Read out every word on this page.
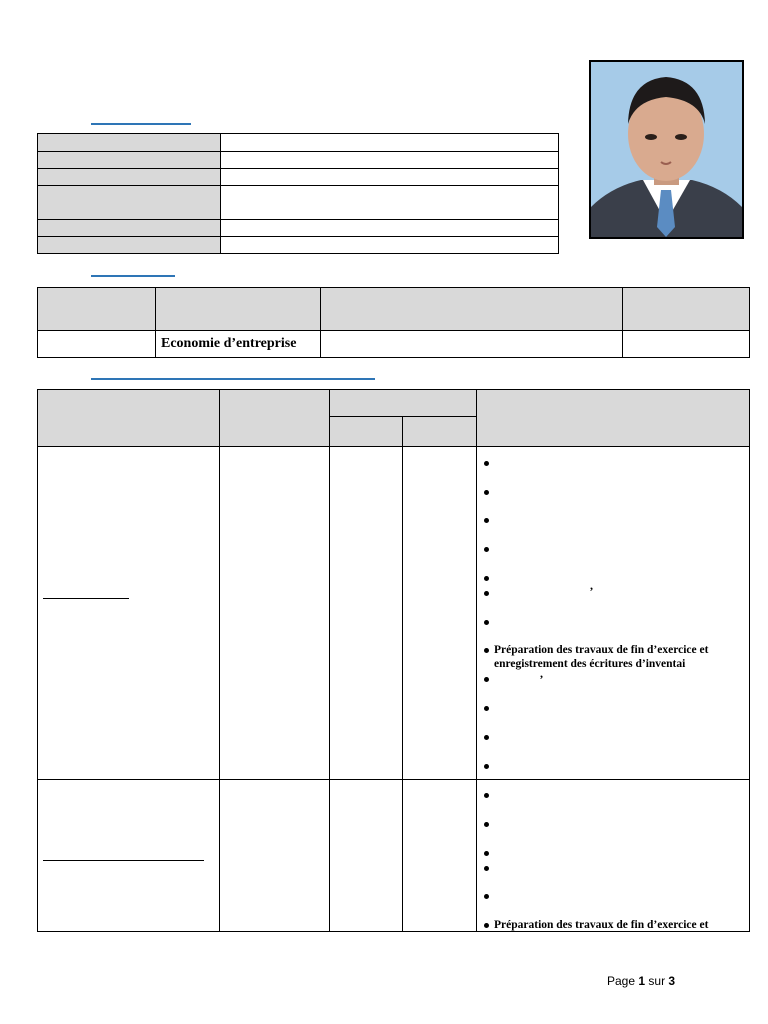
	Economie d’entreprise		

,
Préparation des travaux de fin d’exercice et
enregistrement des écritures d’inventai
,
Préparation des travaux de fin d’exercice et
Page 1 sur 3
